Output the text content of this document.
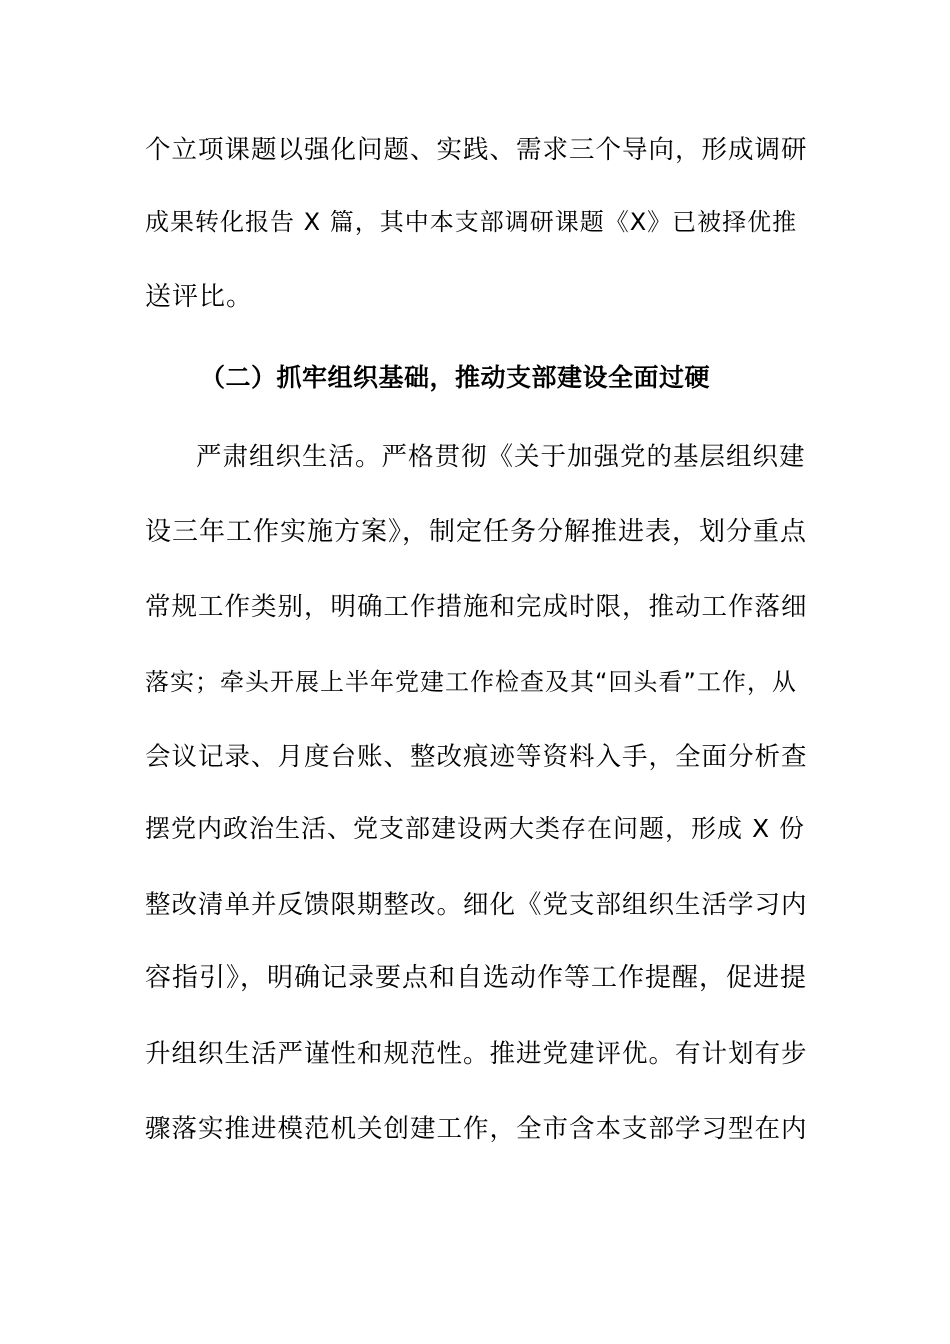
个立项课题以强化问题、实践、需求三个导向，形成调研
成果转化报告 X 篇，其中本支部调研课题《X》已被择优推
送评比。
（二）抓牢组织基础，推动支部建设全面过硬
严肃组织生活。严格贯彻《关于加强党的基层组织建
设三年工作实施方案》，制定任务分解推进表，划分重点
常规工作类别，明确工作措施和完成时限，推动工作落细
落实；牵头开展上半年党建工作检查及其“回头看”工作，从
会议记录、月度台账、整改痕迹等资料入手，全面分析查
摆党内政治生活、党支部建设两大类存在问题，形成 X 份
整改清单并反馈限期整改。细化《党支部组织生活学习内
容指引》，明确记录要点和自选动作等工作提醒，促进提
升组织生活严谨性和规范性。推进党建评优。有计划有步
骤落实推进模范机关创建工作，全市含本支部学习型在内
